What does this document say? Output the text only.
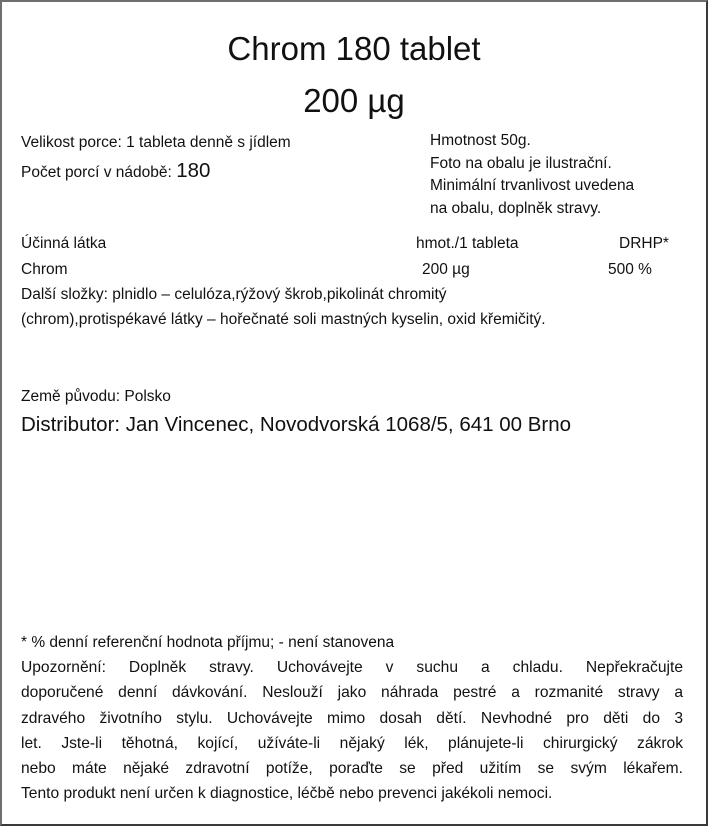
Chrom 180 tablet
200 µg
Velikost porce: 1 tableta denně s jídlem
Počet porcí v nádobě: 180
Hmotnost 50g.
Foto na obalu je ilustrační.
Minimální trvanlivost uvedena
na obalu, doplněk stravy.
Účinná látka	hmot./1 tableta	DRHP*
Chrom	200 µg	500 %
Další složky: plnidlo – celulóza,rýžový škrob,pikolinát chromitý
(chrom),protispékavé látky – hořečnaté soli mastných kyselin, oxid křemičitý.
Země původu: Polsko
Distributor: Jan Vincenec, Novodvorská 1068/5, 641 00 Brno
* % denní referenční hodnota příjmu; - není stanovena
Upozornění: Doplněk stravy. Uchovávejte v suchu a chladu. Nepřekračujte
doporučené denní dávkování. Neslouží jako náhrada pestré a rozmanité stravy a
zdravého životního stylu. Uchovávejte mimo dosah dětí. Nevhodné pro děti do 3
let. Jste-li těhotná, kojící, užíváte-li nějaký lék, plánujete-li chirurgický zákrok
nebo máte nějaké zdravotní potíže, poraďte se před užitím se svým lékařem.
Tento produkt není určen k diagnostice, léčbě nebo prevenci jakékoli nemoci.
